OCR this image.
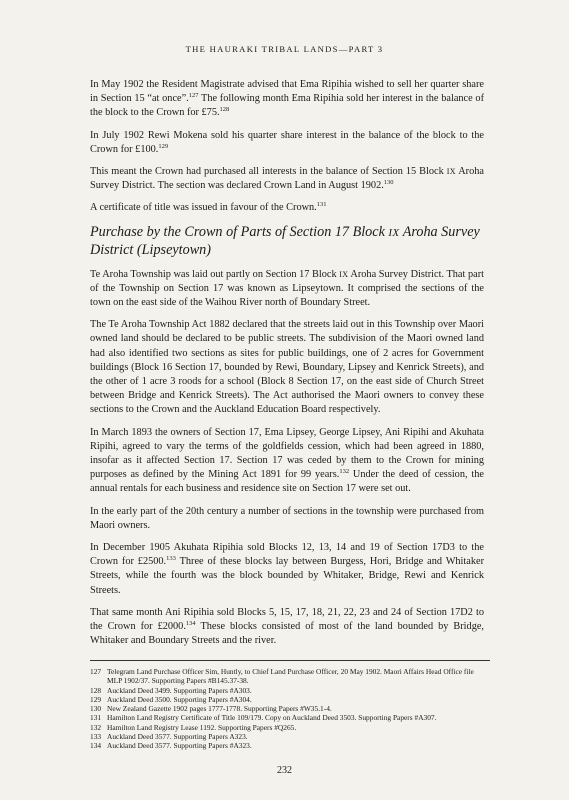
THE HAURAKI TRIBAL LANDS—PART 3

In May 1902 the Resident Magistrate advised that Ema Ripihia wished to sell her quarter share in Section 15 “at once”.$^{127}$ The following month Ema Ripihia sold her interest in the balance of the block to the Crown for £75.$^{128}$

In July 1902 Rewi Mokena sold his quarter share interest in the balance of the block to the Crown for £100.$^{129}$

This meant the Crown had purchased all interests in the balance of Section 15 Block IX Aroha Survey District. The section was declared Crown Land in August 1902.$^{130}$

A certificate of title was issued in favour of the Crown.$^{131}$

Purchase by the Crown of Parts of Section 17 Block IX Aroha Survey District (Lipseytown)

Te Aroha Township was laid out partly on Section 17 Block IX Aroha Survey District. That part of the Township on Section 17 was known as Lipseytown. It comprised the sections of the town on the east side of the Waihou River north of Boundary Street.

The Te Aroha Township Act 1882 declared that the streets laid out in this Township over Maori owned land should be declared to be public streets. The subdivision of the Maori owned land had also identified two sections as sites for public buildings, one of 2 acres for Government buildings (Block 16 Section 17, bounded by Rewi, Boundary, Lipsey and Kenrick Streets), and the other of 1 acre 3 roods for a school (Block 8 Section 17, on the east side of Church Street between Bridge and Kenrick Streets). The Act authorised the Maori owners to convey these sections to the Crown and the Auckland Education Board respectively.

In March 1893 the owners of Section 17, Ema Lipsey, George Lipsey, Ani Ripihi and Akuhata Ripihi, agreed to vary the terms of the goldfields cession, which had been agreed in 1880, insofar as it affected Section 17. Section 17 was ceded by them to the Crown for mining purposes as defined by the Mining Act 1891 for 99 years.$^{132}$ Under the deed of cession, the annual rentals for each business and residence site on Section 17 were set out.

In the early part of the 20th century a number of sections in the township were purchased from Maori owners.

In December 1905 Akuhata Ripihia sold Blocks 12, 13, 14 and 19 of Section 17D3 to the Crown for £2500.$^{133}$ Three of these blocks lay between Burgess, Hori, Bridge and Whitaker Streets, while the fourth was the block bounded by Whitaker, Bridge, Rewi and Kenrick Streets.

That same month Ani Ripihia sold Blocks 5, 15, 17, 18, 21, 22, 23 and 24 of Section 17D2 to the Crown for £2000.$^{134}$ These blocks consisted of most of the land bounded by Bridge, Whitaker and Boundary Streets and the river.

127 Telegram Land Purchase Officer Sim, Huntly, to Chief Land Purchase Officer, 20 May 1902. Maori Affairs Head Office file MLP 1902/37. Supporting Papers #B145.37-38.
128 Auckland Deed 3499. Supporting Papers #A303.
129 Auckland Deed 3500. Supporting Papers #A304.
130 New Zealand Gazette 1902 pages 1777-1778. Supporting Papers #W35.1-4.
131 Hamilton Land Registry Certificate of Title 109/179. Copy on Auckland Deed 3503. Supporting Papers #A307.
132 Hamilton Land Registry Lease 1192. Supporting Papers #Q265.
133 Auckland Deed 3577. Supporting Papers A323.
134 Auckland Deed 3577. Supporting Papers #A323.
232
